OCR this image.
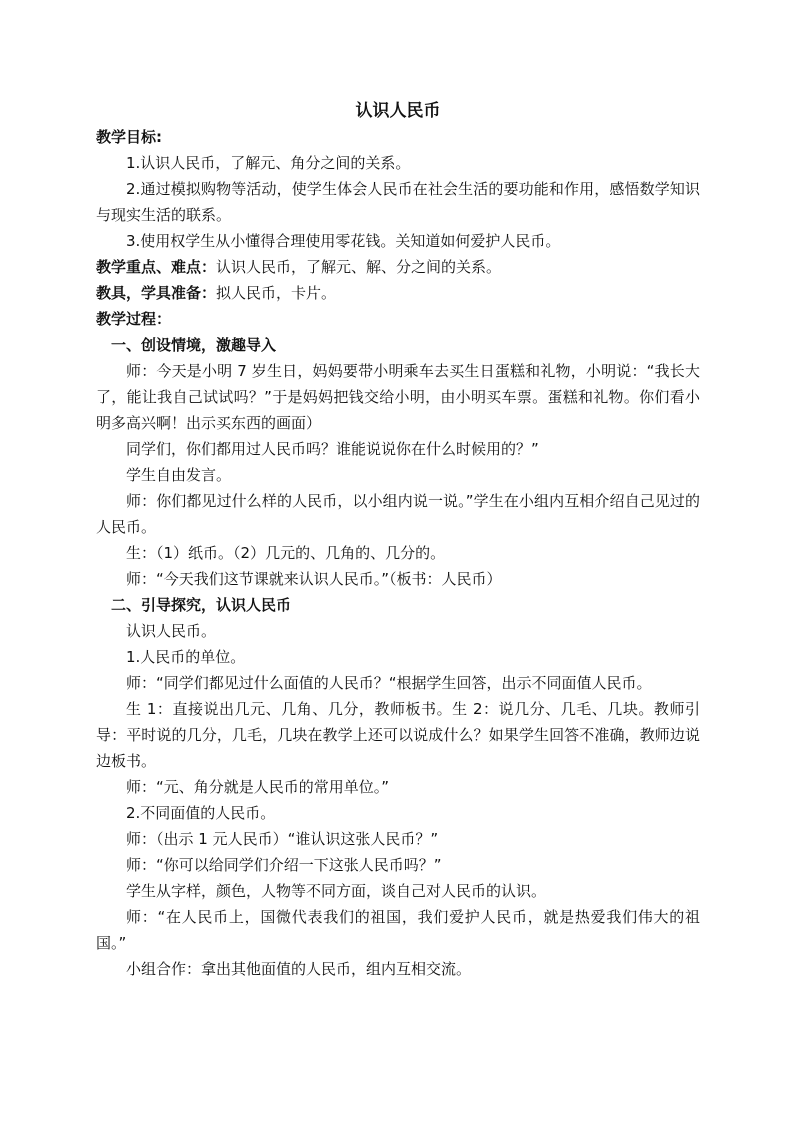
认识人民币

教学目标:

1.认识人民币，了解元、角分之间的关系。

2.通过模拟购物等活动，使学生体会人民币在社会生活的要功能和作用，感悟数学知识与现实生活的联系。

3.使用权学生从小懂得合理使用零花钱。关知道如何爱护人民币。

教学重点、难点：认识人民币，了解元、解、分之间的关系。

教具，学具准备：拟人民币，卡片。

教学过程：

一、创设情境，激趣导入

师：今天是小明 7 岁生日，妈妈要带小明乘车去买生日蛋糕和礼物，小明说：“我长大了，能让我自己试试吗？”于是妈妈把钱交给小明，由小明买车票。蛋糕和礼物。你们看小明多高兴啊！出示买东西的画面）

同学们，你们都用过人民币吗？谁能说说你在什么时候用的？”

学生自由发言。

师：你们都见过什么样的人民币，以小组内说一说。”学生在小组内互相介绍自己见过的人民币。

生：（1）纸币。（2）几元的、几角的、几分的。

师：“今天我们这节课就来认识人民币。”（板书：人民币）

二、引导探究，认识人民币

认识人民币。

1.人民币的单位。

师：“同学们都见过什么面值的人民币？“根据学生回答，出示不同面值人民币。

生 1：直接说出几元、几角、几分，教师板书。生 2：说几分、几毛、几块。教师引导：平时说的几分，几毛，几块在教学上还可以说成什么？如果学生回答不准确，教师边说边板书。

师：“元、角分就是人民币的常用单位。”

2.不同面值的人民币。

师：（出示 1 元人民币）“谁认识这张人民币？”

师：“你可以给同学们介绍一下这张人民币吗？”

学生从字样，颜色，人物等不同方面，谈自己对人民币的认识。

师：“在人民币上，国微代表我们的祖国，我们爱护人民币，就是热爱我们伟大的祖国。”

小组合作：拿出其他面值的人民币，组内互相交流。
